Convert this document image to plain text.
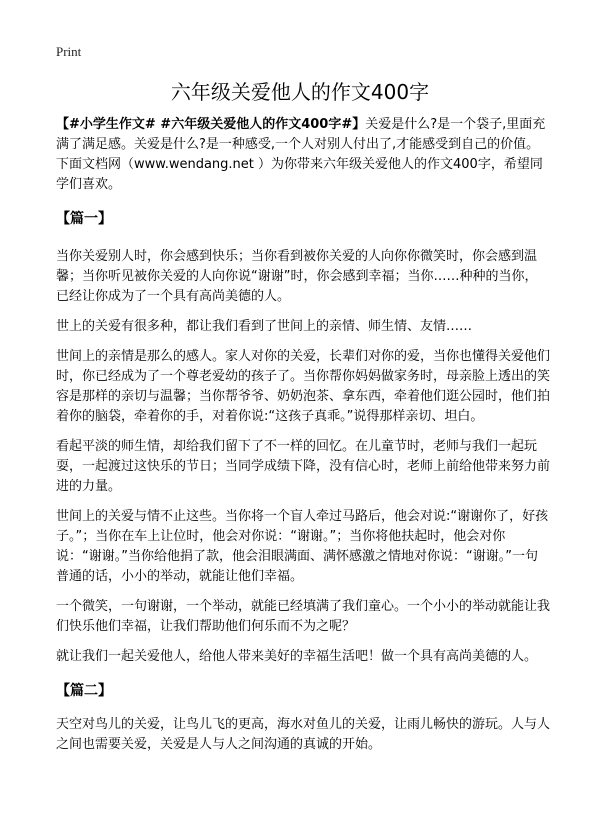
Print
六年级关爱他人的作文400字

【#小学生作文# #六年级关爱他人的作文400字#】关爱是什么?是一个袋子,里面充满了满足感。关爱是什么?是一种感受,一个人对别人付出了,才能感受到自己的价值。下面文档网（www.wendang.net ）为你带来六年级关爱他人的作文400字，希望同学们喜欢。

【篇一】

当你关爱别人时，你会感到快乐；当你看到被你关爱的人向你你微笑时，你会感到温馨；当你听见被你关爱的人向你说“谢谢”时，你会感到幸福；当你……种种的当你，已经让你成为了一个具有高尚美德的人。

世上的关爱有很多种，都让我们看到了世间上的亲情、师生情、友情……

世间上的亲情是那么的感人。家人对你的关爱，长辈们对你的爱，当你也懂得关爱他们时，你已经成为了一个尊老爱幼的孩子了。当你帮你妈妈做家务时，母亲脸上透出的笑容是那样的亲切与温馨；当你帮爷爷、奶奶泡茶、拿东西，牵着他们逛公园时，他们拍着你的脑袋，牵着你的手，对着你说:“这孩子真乖。”说得那样亲切、坦白。

看起平淡的师生情，却给我们留下了不一样的回忆。在儿童节时，老师与我们一起玩耍，一起渡过这快乐的节日；当同学成绩下降，没有信心时，老师上前给他带来努力前进的力量。

世间上的关爱与情不止这些。当你将一个盲人牵过马路后，他会对说:“谢谢你了，好孩子。”；当你在车上让位时，他会对你说：“谢谢。”；当你将他扶起时，他会对你说：“谢谢。”当你给他捐了款，他会泪眼满面、满怀感激之情地对你说：“谢谢。”一句普通的话，小小的举动，就能让他们幸福。

一个微笑，一句谢谢，一个举动，就能已经填满了我们童心。一个小小的举动就能让我们快乐他们幸福，让我们帮助他们何乐而不为之呢？

就让我们一起关爱他人，给他人带来美好的幸福生活吧！做一个具有高尚美德的人。

【篇二】

天空对鸟儿的关爱，让鸟儿飞的更高，海水对鱼儿的关爱，让雨儿畅快的游玩。人与人之间也需要关爱，关爱是人与人之间沟通的真诚的开始。
